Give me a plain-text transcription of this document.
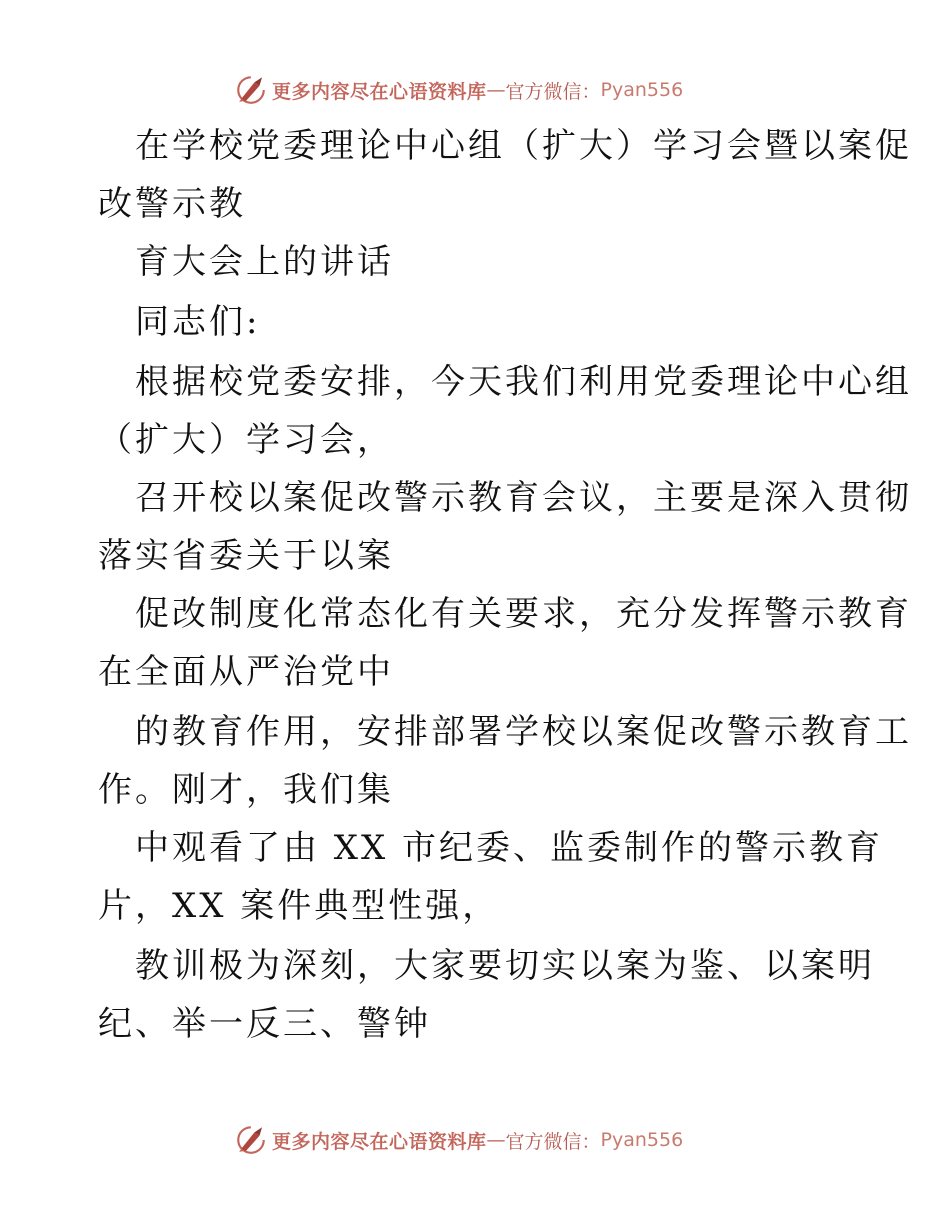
更多内容尽在心语资料库 — 官方微信： Pyan556
在学校党委理论中心组（扩大）学习会暨以案促
改警示教
育大会上的讲话
同志们:
根据校党委安排，今天我们利用党委理论中心组
（扩大）学习会，
召开校以案促改警示教育会议，主要是深入贯彻
落实省委关于以案
促改制度化常态化有关要求，充分发挥警示教育
在全面从严治党中
的教育作用，安排部署学校以案促改警示教育工
作。刚才，我们集
中观看了由 XX 市纪委、监委制作的警示教育
片，XX 案件典型性强，
教训极为深刻，大家要切实以案为鉴、以案明
纪、举一反三、警钟
更多内容尽在心语资料库 — 官方微信： Pyan556
